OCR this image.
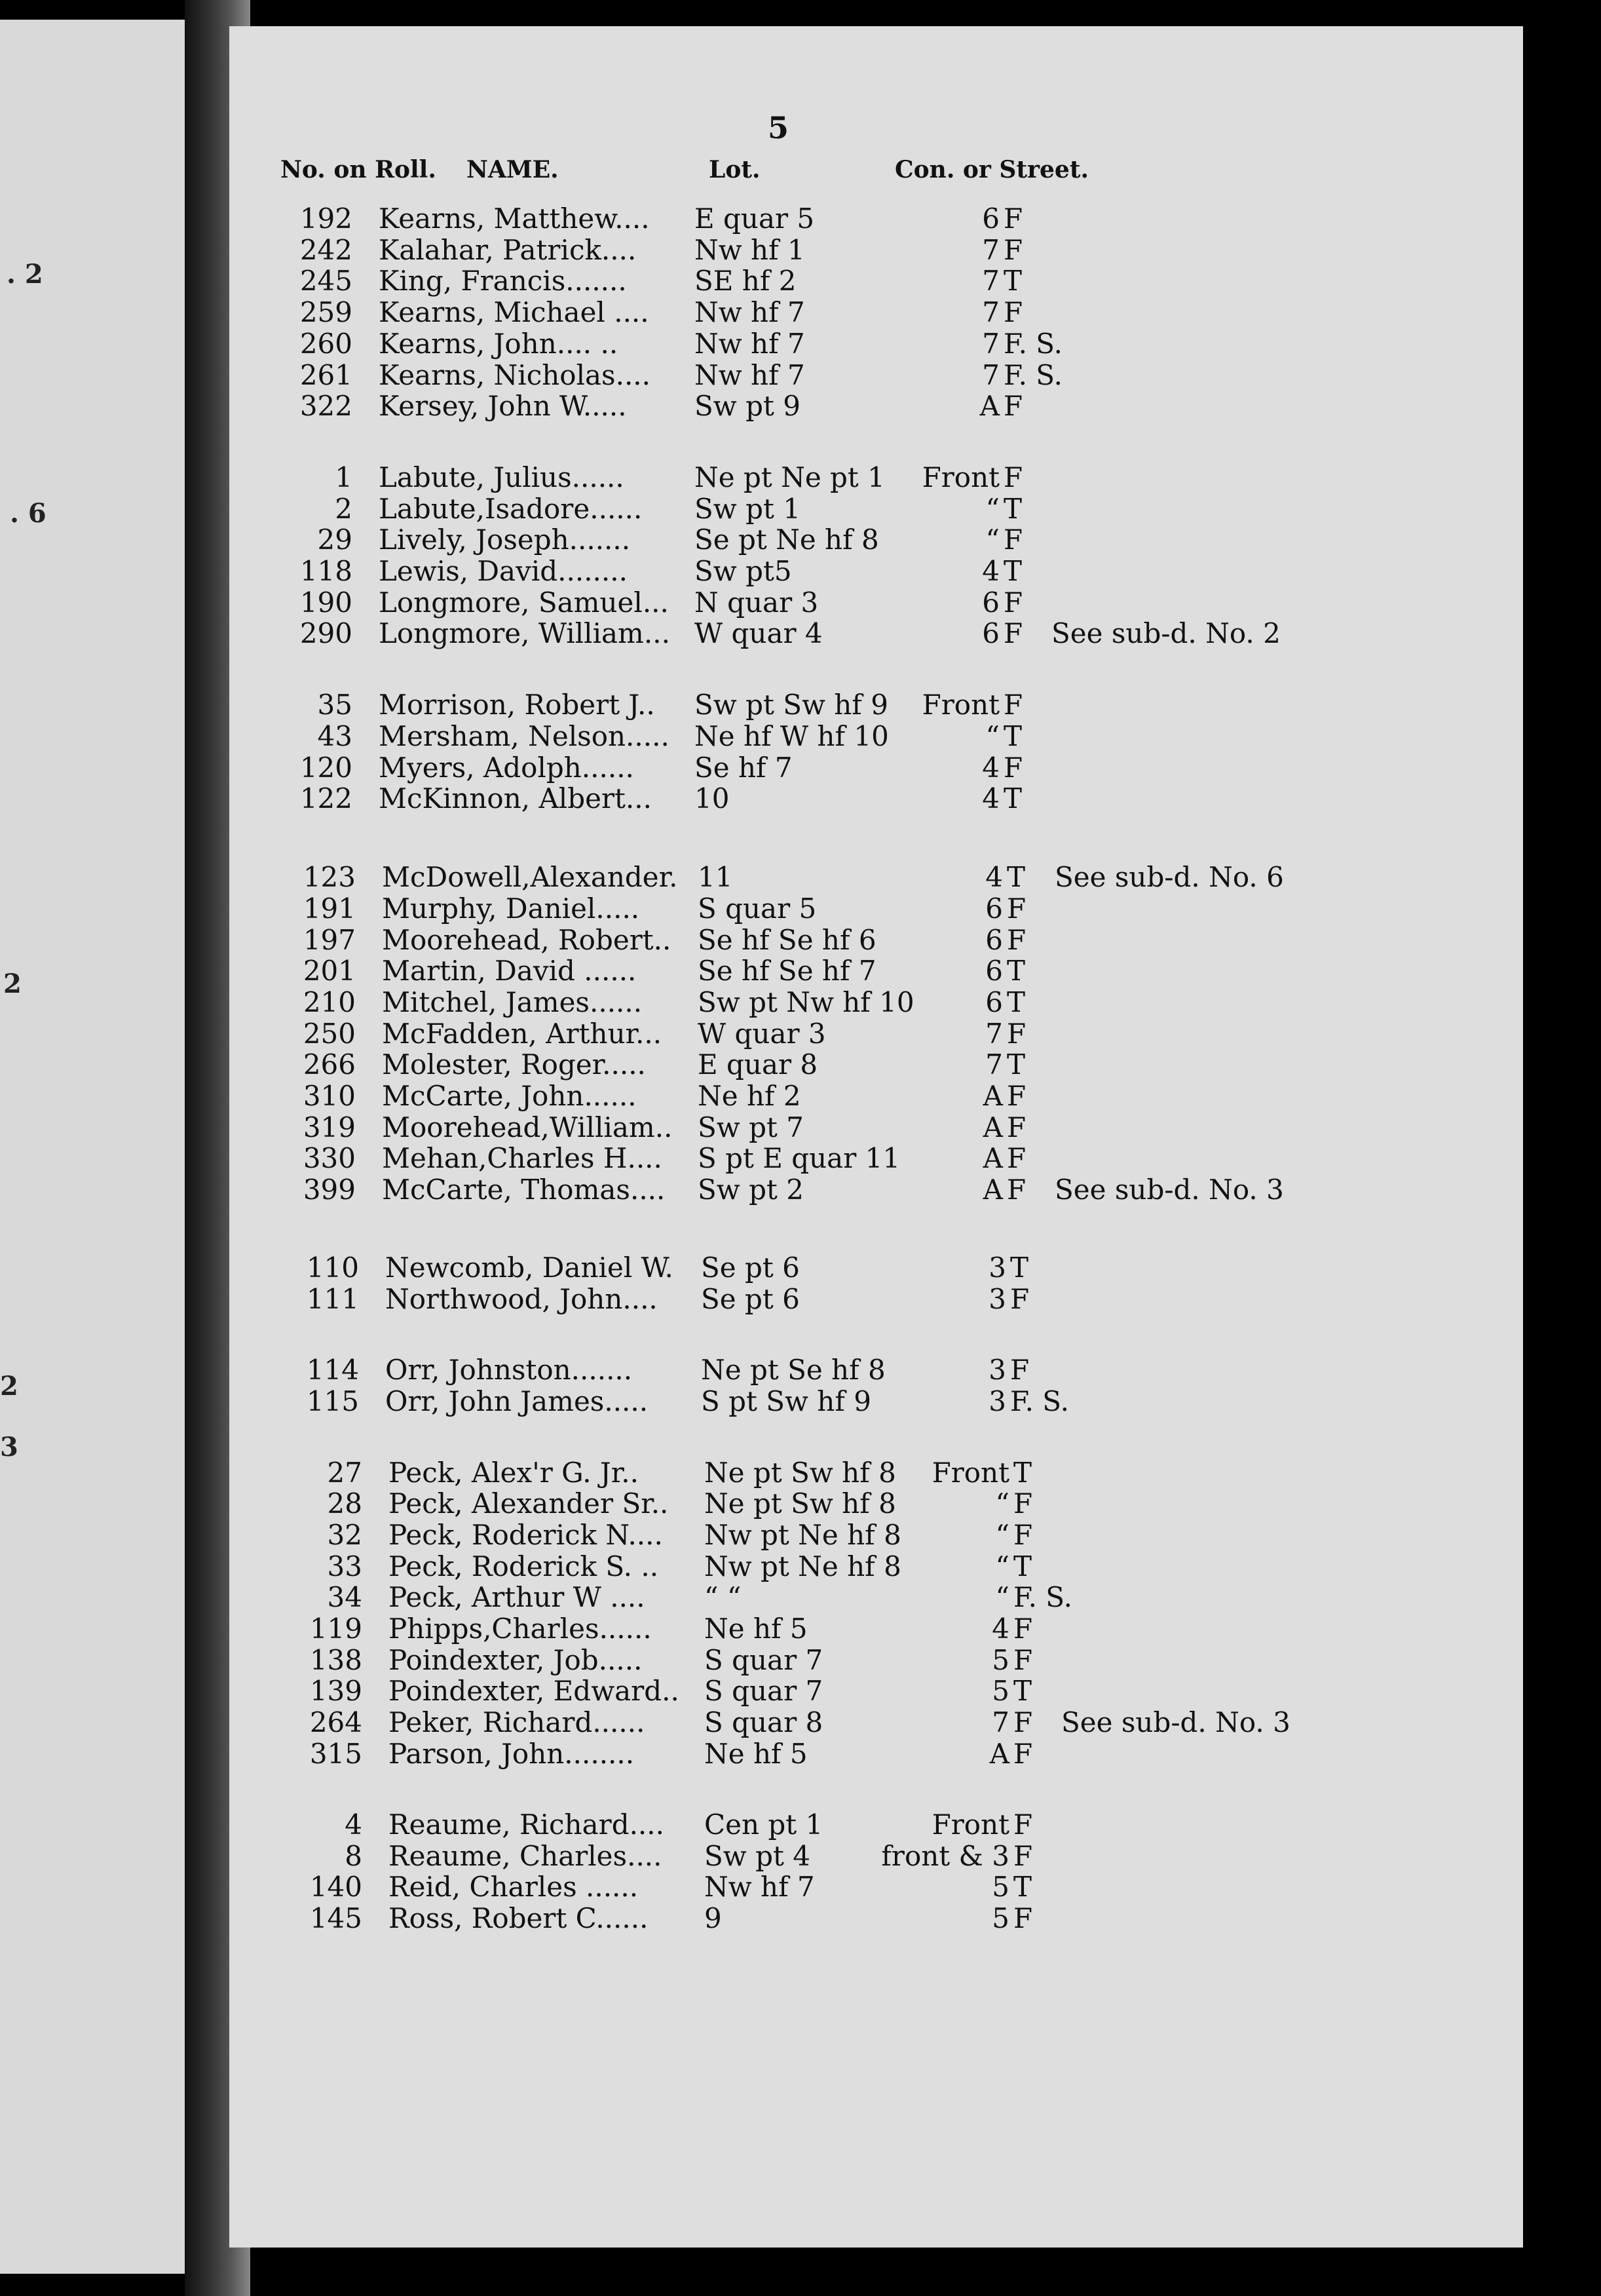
. 2
. 6
2
2
3
5
No. on Roll. NAME.	Lot.	Con. or Street.
192 Kearns, Matthew.... E quar 5	6 F
242 Kalahar, Patrick.... Nw hf 1	7 F
245 King, Francis....... SE hf 2	7 T
259 Kearns, Michael .... Nw hf 7	7 F
260 Kearns, John.... ..	Nw hf 7	7 F. S.
261 Kearns, Nicholas.... Nw hf 7	7 F. S.
322 Kersey, John W..... Sw pt 9	A F
1 Labute, Julius......	Ne pt Ne pt 1	Front F
2 Labute,Isadore...... Sw pt 1	“ T
29 Lively, Joseph....... Se pt Ne hf 8	“ F
118 Lewis, David........ Sw pt5	4 T
190 Longmore, Samuel... N quar 3	6 F
290 Longmore, William... W quar 4	6 F See sub-d. No. 2
35 Morrison, Robert J.. Sw pt Sw hf 9	Front F
43 Mersham, Nelson..... Ne hf W hf 10	“ T
120 Myers, Adolph...... Se hf 7	4 F
122 McKinnon, Albert... 10	4 T
123 McDowell,Alexander. 11	4 T See sub-d. No. 6
191 Murphy, Daniel..... S quar 5	6 F
197 Moorehead, Robert.. Se hf Se hf 6	6 F
201 Martin, David ...... Se hf Se hf 7	6 T
210 Mitchel, James...... Sw pt Nw hf 10	6 T
250 McFadden, Arthur... W quar 3	7 F
266 Molester, Roger..... E quar 8	7 T
310 McCarte, John...... Ne hf 2	A F
319 Moorehead,William.. Sw pt 7	A F
330 Mehan,Charles H.... S pt E quar 11	A F
399 McCarte, Thomas.... Sw pt 2	A F See sub-d. No. 3
110 Newcomb, Daniel W. Se pt 6	3 T
111 Northwood, John.... Se pt 6	3 F
114 Orr, Johnston....... Ne pt Se hf 8	3 F
115 Orr, John James..... S pt Sw hf 9	3 F. S.
27 Peck, Alex'r G. Jr.. Ne pt Sw hf 8	Front T
28 Peck, Alexander Sr.. Ne pt Sw hf 8	“ F
32 Peck, Roderick N.... Nw pt Ne hf 8	“ F
33 Peck, Roderick S. .. Nw pt Ne hf 8	“ T
34 Peck, Arthur W .... “ “	“ F. S.
119 Phipps,Charles...... Ne hf 5	4 F
138 Poindexter, Job..... S quar 7	5 F
139 Poindexter, Edward.. S quar 7	5 T
264 Peker, Richard...... S quar 8	7 F See sub-d. No. 3
315 Parson, John........	Ne hf 5	A F
4 Reaume, Richard.... Cen pt 1	Front F
8 Reaume, Charles.... Sw pt 4	front & 3 F
140 Reid, Charles ...... Nw hf 7	5 T
145 Ross, Robert C...... 9	5 F
